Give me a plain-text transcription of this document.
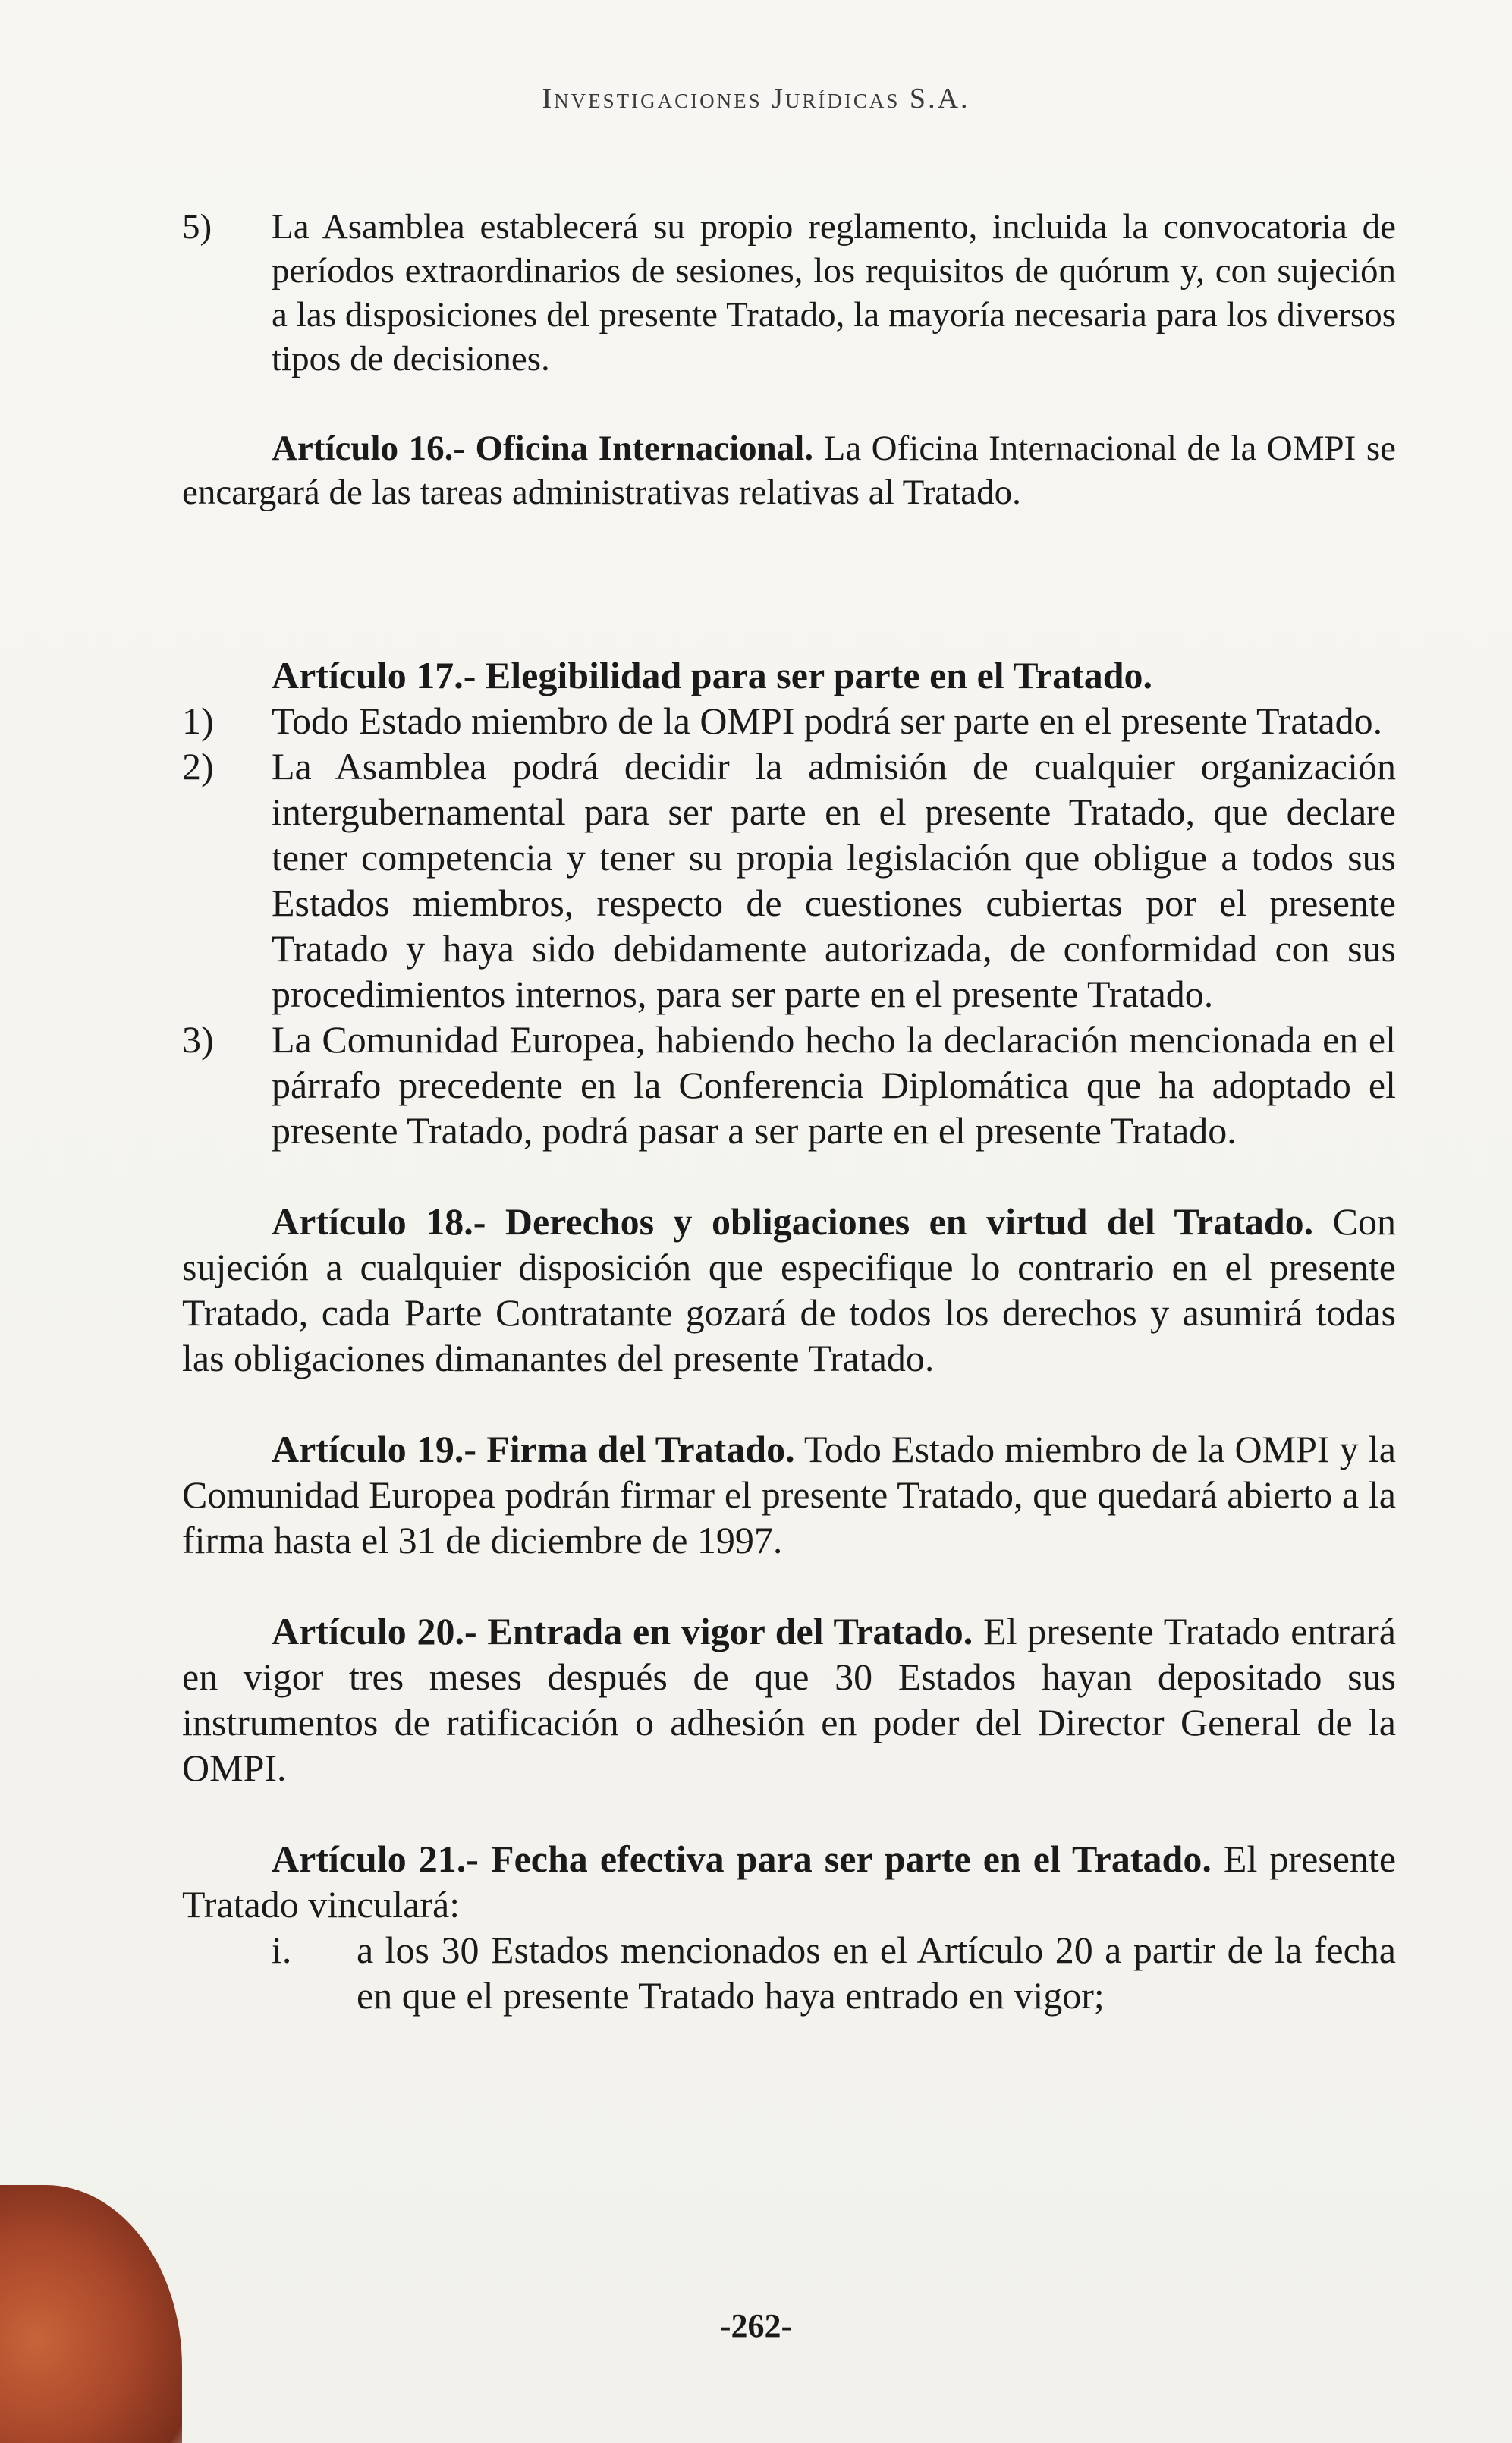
Investigaciones Jurídicas S.A.

5) La Asamblea establecerá su propio reglamento, incluida la convocatoria de períodos extraordinarios de sesiones, los requisitos de quórum y, con sujeción a las disposiciones del presente Tratado, la mayoría necesaria para los diversos tipos de decisiones.

Artículo 16.- Oficina Internacional. La Oficina Internacional de la OMPI se encargará de las tareas administrativas relativas al Tratado.

Artículo 17.- Elegibilidad para ser parte en el Tratado.

1) Todo Estado miembro de la OMPI podrá ser parte en el presente Tratado.

2) La Asamblea podrá decidir la admisión de cualquier organización intergubernamental para ser parte en el presente Tratado, que declare tener competencia y tener su propia legislación que obligue a todos sus Estados miembros, respecto de cuestiones cubiertas por el presente Tratado y haya sido debidamente autorizada, de conformidad con sus procedimientos internos, para ser parte en el presente Tratado.

3) La Comunidad Europea, habiendo hecho la declaración mencionada en el párrafo precedente en la Conferencia Diplomática que ha adoptado el presente Tratado, podrá pasar a ser parte en el presente Tratado.

Artículo 18.- Derechos y obligaciones en virtud del Tratado. Con sujeción a cualquier disposición que especifique lo contrario en el presente Tratado, cada Parte Contratante gozará de todos los derechos y asumirá todas las obligaciones dimanantes del presente Tratado.

Artículo 19.- Firma del Tratado. Todo Estado miembro de la OMPI y la Comunidad Europea podrán firmar el presente Tratado, que quedará abierto a la firma hasta el 31 de diciembre de 1997.

Artículo 20.- Entrada en vigor del Tratado. El presente Tratado entrará en vigor tres meses después de que 30 Estados hayan depositado sus instrumentos de ratificación o adhesión en poder del Director General de la OMPI.

Artículo 21.- Fecha efectiva para ser parte en el Tratado. El presente Tratado vinculará:

i. a los 30 Estados mencionados en el Artículo 20 a partir de la fecha en que el presente Tratado haya entrado en vigor;

-262-
